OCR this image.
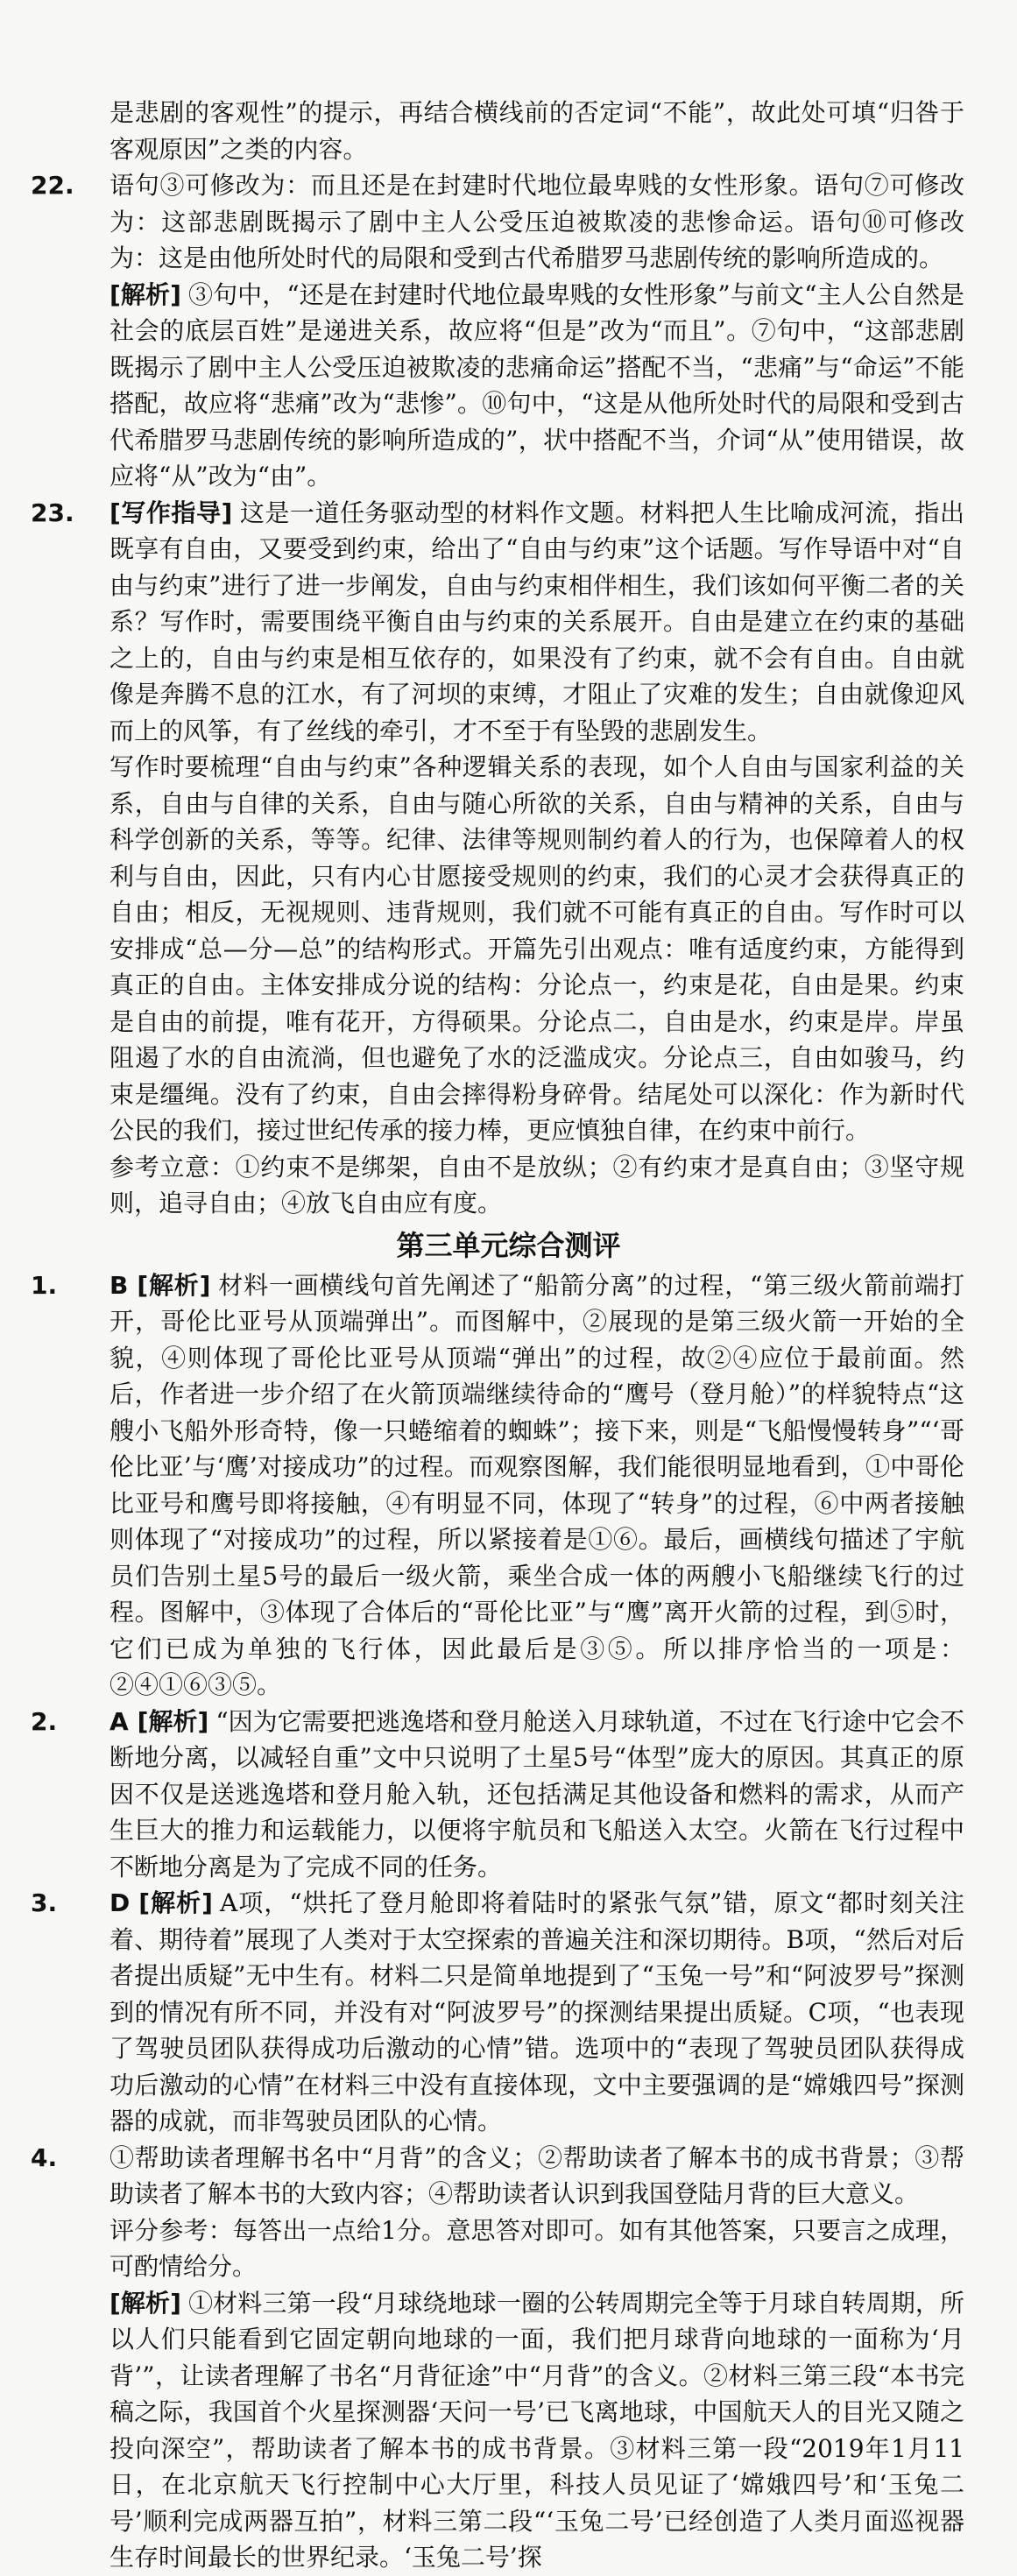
是悲剧的客观性”的提示，再结合横线前的否定词“不能”，故此处可填“归咎于客观原因”之类的内容。

22. 语句③可修改为：而且还是在封建时代地位最卑贱的女性形象。语句⑦可修改为：这部悲剧既揭示了剧中主人公受压迫被欺凌的悲惨命运。语句⑩可修改为：这是由他所处时代的局限和受到古代希腊罗马悲剧传统的影响所造成的。

[解析] ③句中，“还是在封建时代地位最卑贱的女性形象”与前文“主人公自然是社会的底层百姓”是递进关系，故应将“但是”改为“而且”。⑦句中，“这部悲剧既揭示了剧中主人公受压迫被欺凌的悲痛命运”搭配不当，“悲痛”与“命运”不能搭配，故应将“悲痛”改为“悲惨”。⑩句中，“这是从他所处时代的局限和受到古代希腊罗马悲剧传统的影响所造成的”，状中搭配不当，介词“从”使用错误，故应将“从”改为“由”。

23. [写作指导] 这是一道任务驱动型的材料作文题。材料把人生比喻成河流，指出既享有自由，又要受到约束，给出了“自由与约束”这个话题。写作导语中对“自由与约束”进行了进一步阐发，自由与约束相伴相生，我们该如何平衡二者的关系？写作时，需要围绕平衡自由与约束的关系展开。自由是建立在约束的基础之上的，自由与约束是相互依存的，如果没有了约束，就不会有自由。自由就像是奔腾不息的江水，有了河坝的束缚，才阻止了灾难的发生；自由就像迎风而上的风筝，有了丝线的牵引，才不至于有坠毁的悲剧发生。

写作时要梳理“自由与约束”各种逻辑关系的表现，如个人自由与国家利益的关系，自由与自律的关系，自由与随心所欲的关系，自由与精神的关系，自由与科学创新的关系，等等。纪律、法律等规则制约着人的行为，也保障着人的权利与自由，因此，只有内心甘愿接受规则的约束，我们的心灵才会获得真正的自由；相反，无视规则、违背规则，我们就不可能有真正的自由。写作时可以安排成“总—分—总”的结构形式。开篇先引出观点：唯有适度约束，方能得到真正的自由。主体安排成分说的结构：分论点一，约束是花，自由是果。约束是自由的前提，唯有花开，方得硕果。分论点二，自由是水，约束是岸。岸虽阻遏了水的自由流淌，但也避免了水的泛滥成灾。分论点三，自由如骏马，约束是缰绳。没有了约束，自由会摔得粉身碎骨。结尾处可以深化：作为新时代公民的我们，接过世纪传承的接力棒，更应慎独自律，在约束中前行。

参考立意：①约束不是绑架，自由不是放纵；②有约束才是真自由；③坚守规则，追寻自由；④放飞自由应有度。

第三单元综合测评
1. B [解析] 材料一画横线句首先阐述了“船箭分离”的过程，“第三级火箭前端打开，哥伦比亚号从顶端弹出”。而图解中，②展现的是第三级火箭一开始的全貌，④则体现了哥伦比亚号从顶端“弹出”的过程，故②④应位于最前面。然后，作者进一步介绍了在火箭顶端继续待命的“鹰号（登月舱）”的样貌特点“这艘小飞船外形奇特，像一只蜷缩着的蜘蛛”；接下来，则是“飞船慢慢转身”“‘哥伦比亚’与‘鹰’对接成功”的过程。而观察图解，我们能很明显地看到，①中哥伦比亚号和鹰号即将接触，④有明显不同，体现了“转身”的过程，⑥中两者接触则体现了“对接成功”的过程，所以紧接着是①⑥。最后，画横线句描述了宇航员们告别土星5号的最后一级火箭，乘坐合成一体的两艘小飞船继续飞行的过程。图解中，③体现了合体后的“哥伦比亚”与“鹰”离开火箭的过程，到⑤时，它们已成为单独的飞行体，因此最后是③⑤。所以排序恰当的一项是：②④①⑥③⑤。

2. A [解析] “因为它需要把逃逸塔和登月舱送入月球轨道，不过在飞行途中它会不断地分离，以减轻自重”文中只说明了土星5号“体型”庞大的原因。其真正的原因不仅是送逃逸塔和登月舱入轨，还包括满足其他设备和燃料的需求，从而产生巨大的推力和运载能力，以便将宇航员和飞船送入太空。火箭在飞行过程中不断地分离是为了完成不同的任务。

3. D [解析] A项，“烘托了登月舱即将着陆时的紧张气氛”错，原文“都时刻关注着、期待着”展现了人类对于太空探索的普遍关注和深切期待。B项，“然后对后者提出质疑”无中生有。材料二只是简单地提到了“玉兔一号”和“阿波罗号”探测到的情况有所不同，并没有对“阿波罗号”的探测结果提出质疑。C项，“也表现了驾驶员团队获得成功后激动的心情”错。选项中的“表现了驾驶员团队获得成功后激动的心情”在材料三中没有直接体现，文中主要强调的是“嫦娥四号”探测器的成就，而非驾驶员团队的心情。

4. ①帮助读者理解书名中“月背”的含义；②帮助读者了解本书的成书背景；③帮助读者了解本书的大致内容；④帮助读者认识到我国登陆月背的巨大意义。

评分参考：每答出一点给1分。意思答对即可。如有其他答案，只要言之成理，可酌情给分。

[解析] ①材料三第一段“月球绕地球一圈的公转周期完全等于月球自转周期，所以人们只能看到它固定朝向地球的一面，我们把月球背向地球的一面称为‘月背’”，让读者理解了书名“月背征途”中“月背”的含义。②材料三第三段“本书完稿之际，我国首个火星探测器‘天问一号’已飞离地球，中国航天人的目光又随之投向深空”，帮助读者了解本书的成书背景。③材料三第一段“2019年1月11日，在北京航天飞行控制中心大厅里，科技人员见证了‘嫦娥四号’和‘玉兔二号’顺利完成两器互拍”，材料三第二段“‘玉兔二号’已经创造了人类月面巡视器生存时间最长的世界纪录。‘玉兔二号’探
